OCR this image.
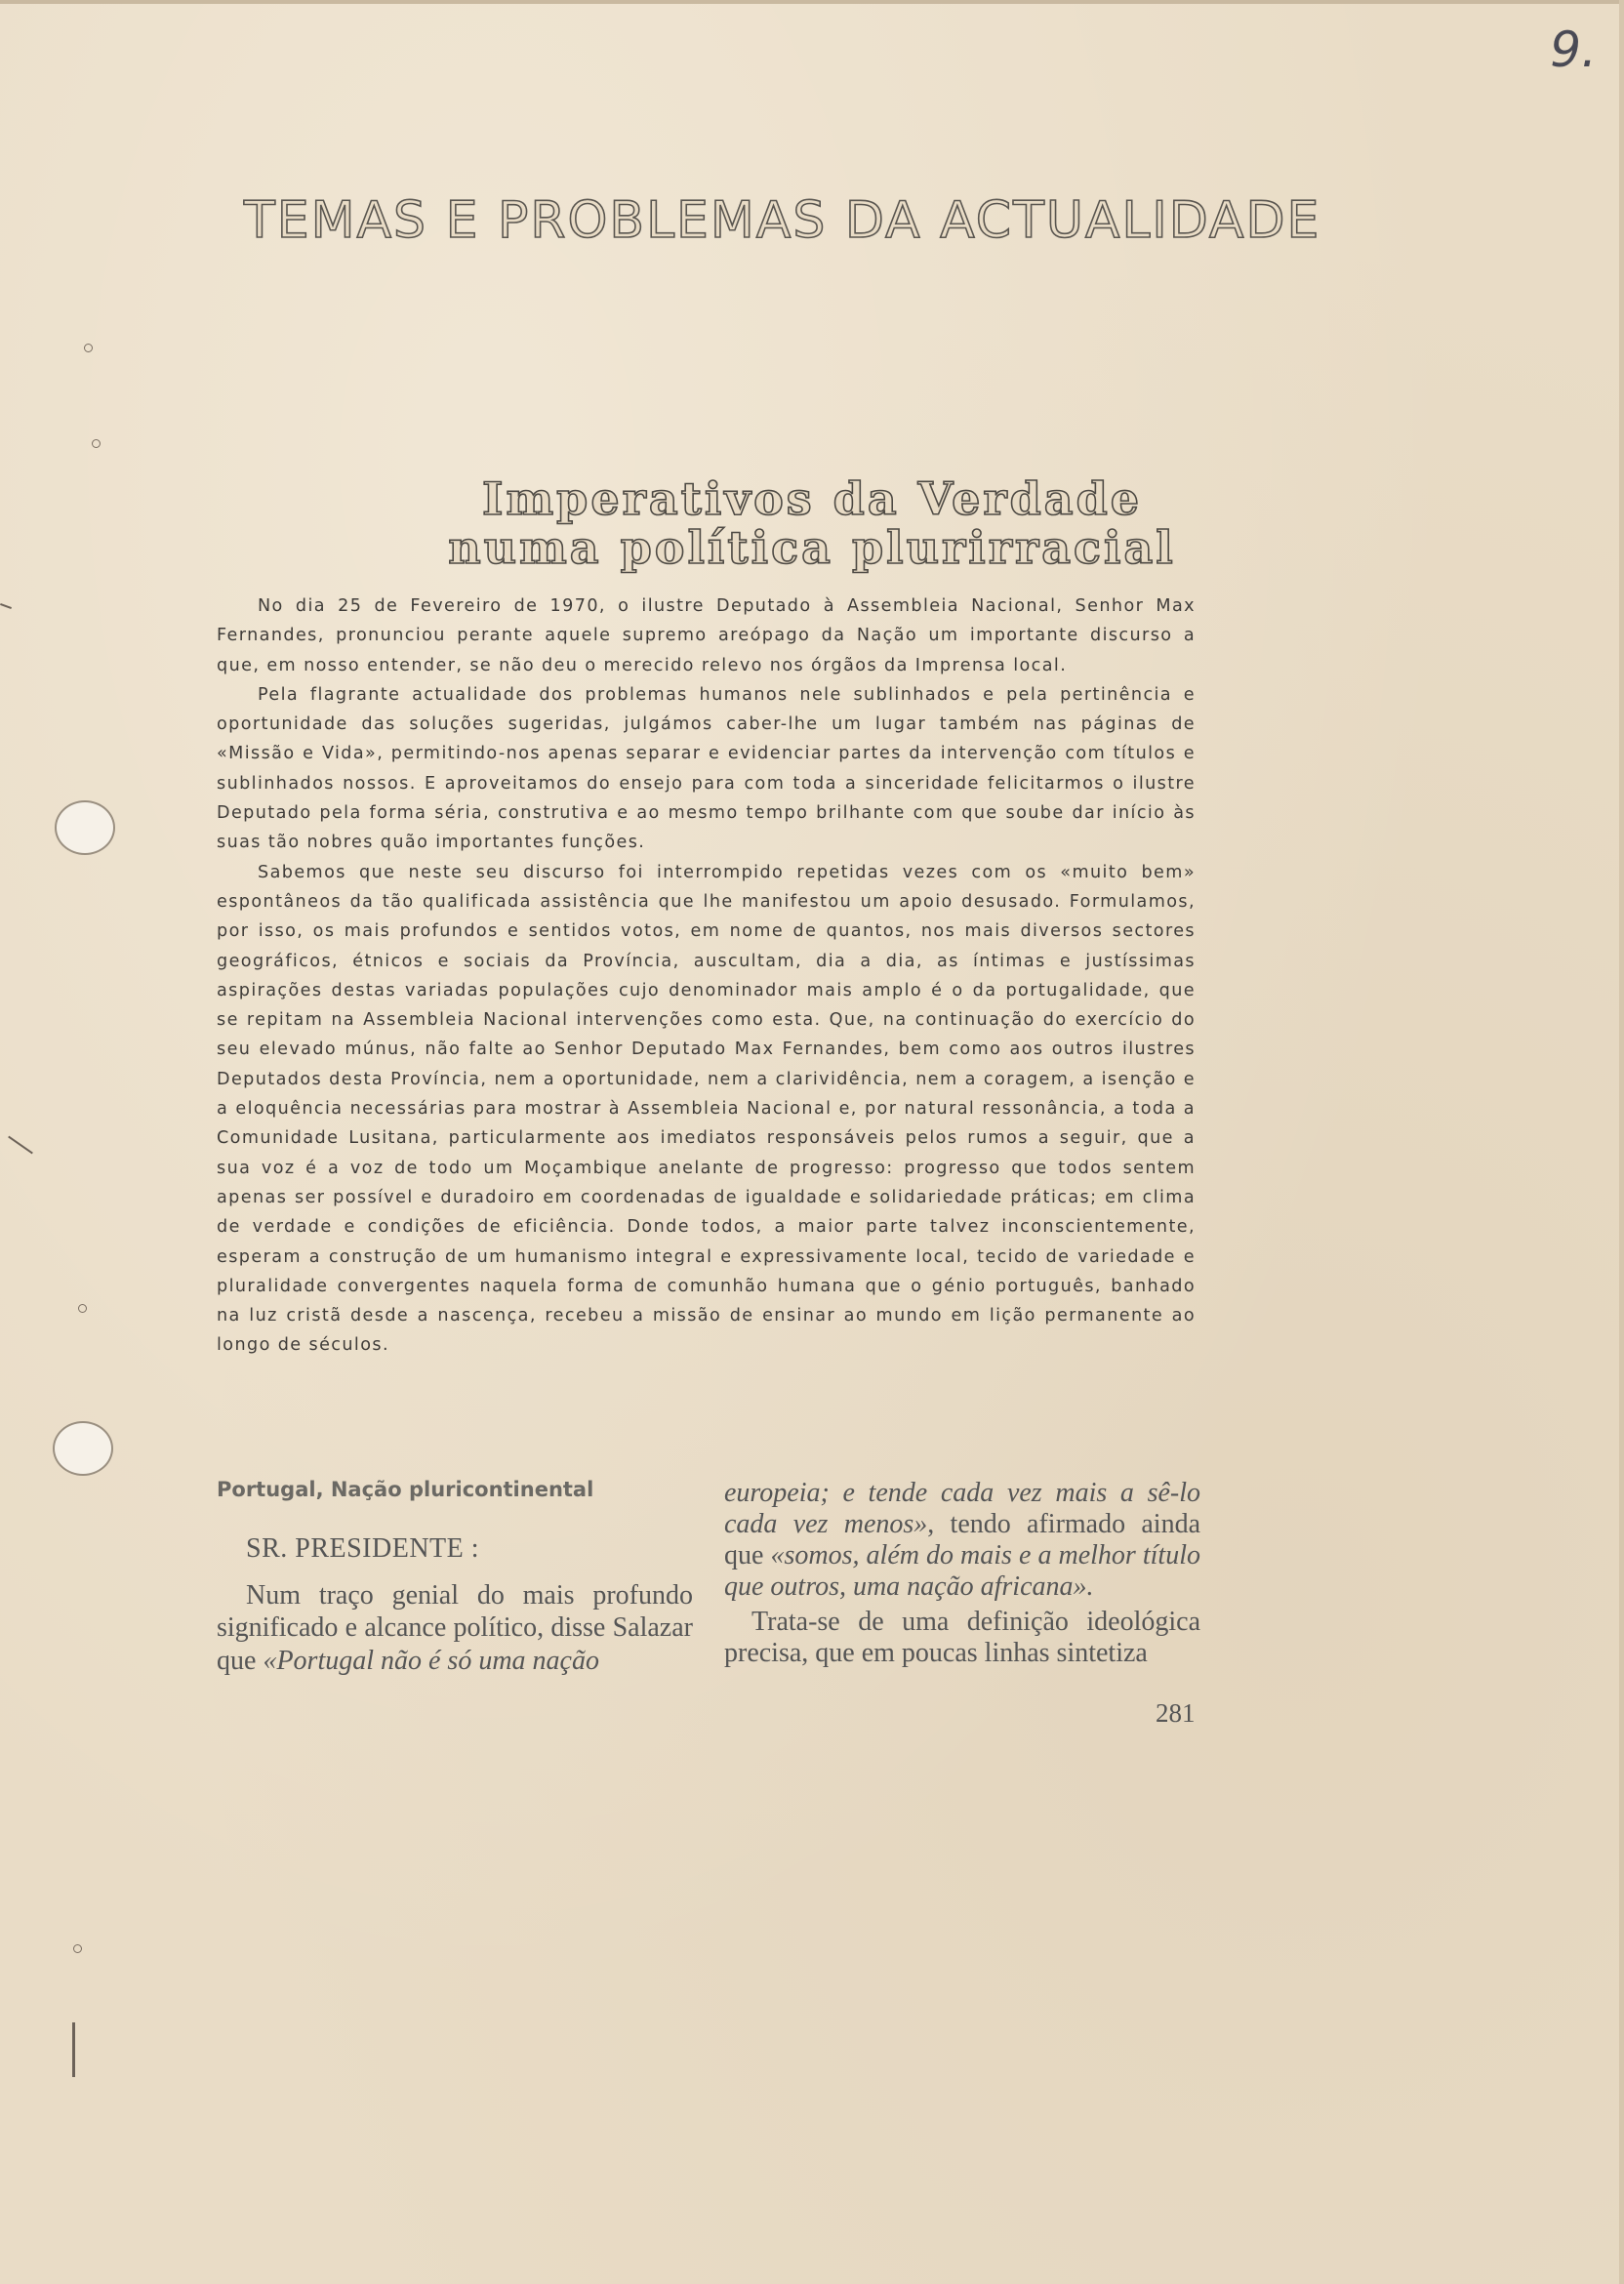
9.
TEMAS E PROBLEMAS DA ACTUALIDADE
Imperativos da Verdade
numa política plurirracial

No dia 25 de Fevereiro de 1970, o ilustre Deputado à Assembleia Nacional, Senhor Max Fernandes, pronunciou perante aquele supremo areópago da Nação um importante discurso a que, em nosso entender, se não deu o merecido relevo nos órgãos da Imprensa local.

Pela flagrante actualidade dos problemas humanos nele sublinhados e pela pertinência e oportunidade das soluções sugeridas, julgámos caber-lhe um lugar também nas páginas de «Missão e Vida», permitindo-nos apenas separar e evidenciar partes da intervenção com títulos e sublinhados nossos. E aproveitamos do ensejo para com toda a sinceridade felicitarmos o ilustre Deputado pela forma séria, construtiva e ao mesmo tempo brilhante com que soube dar início às suas tão nobres quão importantes funções.

Sabemos que neste seu discurso foi interrompido repetidas vezes com os «muito bem» espontâneos da tão qualificada assistência que lhe manifestou um apoio desusado. Formulamos, por isso, os mais profundos e sentidos votos, em nome de quantos, nos mais diversos sectores geográficos, étnicos e sociais da Província, auscultam, dia a dia, as íntimas e justíssimas aspirações destas variadas populações cujo denominador mais amplo é o da portugalidade, que se repitam na Assembleia Nacional intervenções como esta. Que, na continuação do exercício do seu elevado múnus, não falte ao Senhor Deputado Max Fernandes, bem como aos outros ilustres Deputados desta Província, nem a oportunidade, nem a clarividência, nem a coragem, a isenção e a eloquência necessárias para mostrar à Assembleia Nacional e, por natural ressonância, a toda a Comunidade Lusitana, particularmente aos imediatos responsáveis pelos rumos a seguir, que a sua voz é a voz de todo um Moçambique anelante de progresso: progresso que todos sentem apenas ser possível e duradoiro em coordenadas de igualdade e solidariedade práticas; em clima de verdade e condições de eficiência. Donde todos, a maior parte talvez inconscientemente, esperam a construção de um humanismo integral e expressivamente local, tecido de variedade e pluralidade convergentes naquela forma de comunhão humana que o génio português, banhado na luz cristã desde a nascença, recebeu a missão de ensinar ao mundo em lição permanente ao longo de séculos.

Portugal, Nação pluricontinental
SR. PRESIDENTE :
Num traço genial do mais profundo significado e alcance político, disse Salazar que «Portugal não é só uma nação
europeia; e tende cada vez mais a sê-lo cada vez menos», tendo afirmado ainda que «somos, além do mais e a melhor título que outros, uma nação africana».
Trata-se de uma definição ideológica precisa, que em poucas linhas sintetiza
281
